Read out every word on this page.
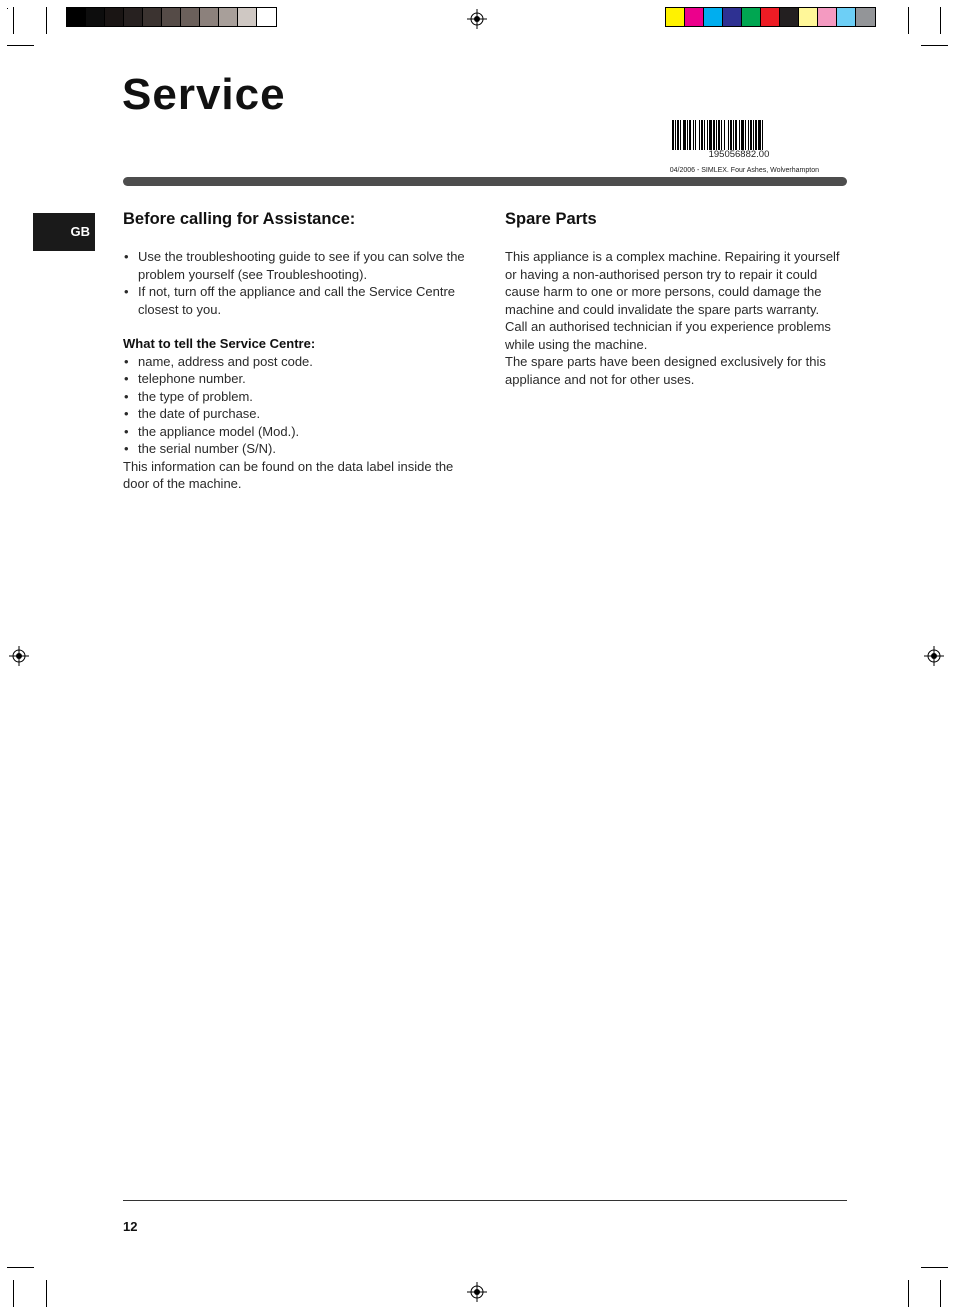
Service
195056882.00
04/2006 - SIMLEX. Four Ashes, Wolverhampton
GB
Before calling for Assistance:
• Use the troubleshooting guide to see if you can solve the problem yourself (see Troubleshooting).
• If not, turn off the appliance and call the Service Centre closest to you.

What to tell the Service Centre:

• name, address and post code.
• telephone number.
• the type of problem.
• the date of purchase.
• the appliance model (Mod.).
• the serial number (S/N).

This information can be found on the data label inside the door of the machine.

Spare Parts

This appliance is a complex machine. Repairing it yourself or having a non-authorised person try to repair it could cause harm to one or more persons, could damage the machine and could invalidate the spare parts warranty.

Call an authorised technician if you experience problems while using the machine.

The spare parts have been designed exclusively for this appliance and not for other uses.

12
